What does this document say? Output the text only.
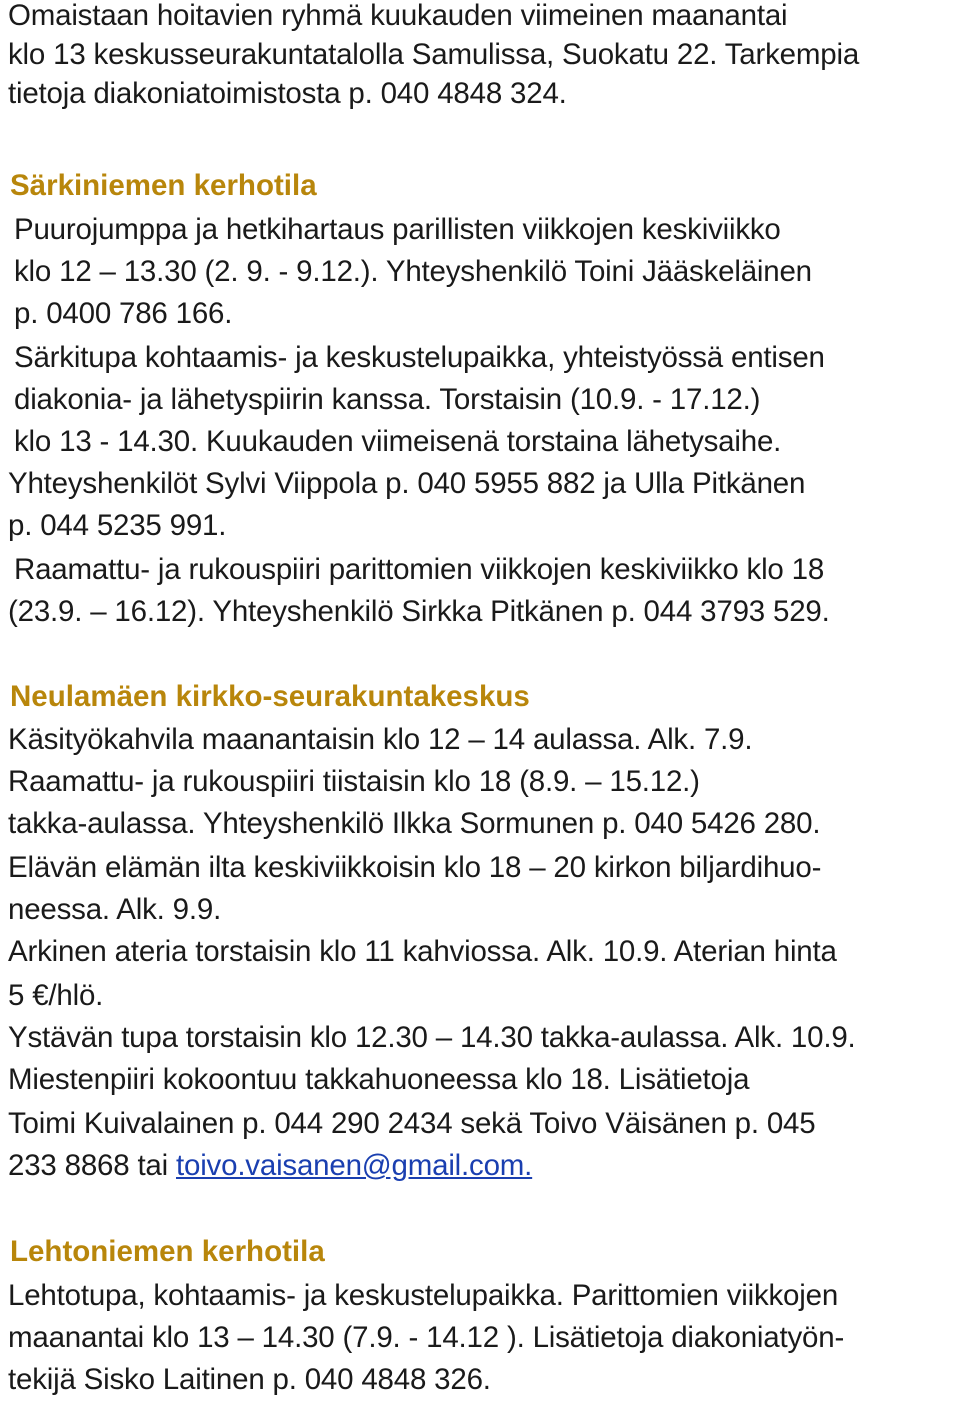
Omaistaan hoitavien ryhmä kuukauden viimeinen maanantai
klo 13 keskusseurakuntatalolla Samulissa, Suokatu 22. Tarkempia
tietoja diakoniatoimistosta p. 040 4848 324.
Särkiniemen kerhotila
Puurojumppa ja hetkihartaus parillisten viikkojen keskiviikko
klo 12 – 13.30 (2. 9. - 9.12.). Yhteyshenkilö Toini Jääskeläinen
p. 0400 786 166.
Särkitupa kohtaamis- ja keskustelupaikka, yhteistyössä entisen
diakonia- ja lähetyspiirin kanssa. Torstaisin (10.9. - 17.12.)
klo 13 - 14.30. Kuukauden viimeisenä torstaina lähetysaihe.
Yhteyshenkilöt Sylvi Viippola p. 040 5955 882 ja Ulla Pitkänen
p. 044 5235 991.
Raamattu- ja rukouspiiri parittomien viikkojen keskiviikko klo 18
(23.9. – 16.12). Yhteyshenkilö Sirkka Pitkänen p. 044 3793 529.
Neulamäen kirkko-seurakuntakeskus
Käsityökahvila maanantaisin klo 12 – 14 aulassa. Alk. 7.9.
Raamattu- ja rukouspiiri tiistaisin klo 18 (8.9. – 15.12.)
takka-aulassa. Yhteyshenkilö Ilkka Sormunen p. 040 5426 280.
Elävän elämän ilta keskiviikkoisin klo 18 – 20 kirkon biljardihuo-
neessa. Alk. 9.9.
Arkinen ateria torstaisin klo 11 kahviossa. Alk. 10.9. Aterian hinta
5 €/hlö.
Ystävän tupa torstaisin klo 12.30 – 14.30 takka-aulassa. Alk. 10.9.
Miestenpiiri kokoontuu takkahuoneessa klo 18. Lisätietoja
Toimi Kuivalainen p. 044 290 2434 sekä Toivo Väisänen p. 045
233 8868 tai toivo.vaisanen@gmail.com.
Lehtoniemen kerhotila
Lehtotupa, kohtaamis- ja keskustelupaikka. Parittomien viikkojen
maanantai klo 13 – 14.30 (7.9. - 14.12 ). Lisätietoja diakoniatyön-
tekijä Sisko Laitinen p. 040 4848 326.
